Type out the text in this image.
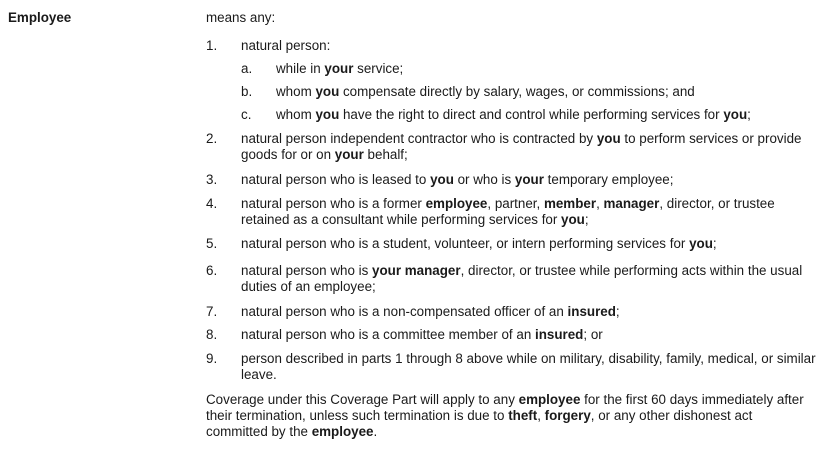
Employee	means any:
1. natural person:
a. while in your service;
b. whom you compensate directly by salary, wages, or commissions; and
c. whom you have the right to direct and control while performing services for you;
2. natural person independent contractor who is contracted by you to perform services or provide goods for or on your behalf;
3. natural person who is leased to you or who is your temporary employee;
4. natural person who is a former employee, partner, member, manager, director, or trustee retained as a consultant while performing services for you;
5. natural person who is a student, volunteer, or intern performing services for you;
6. natural person who is your manager, director, or trustee while performing acts within the usual duties of an employee;
7. natural person who is a non-compensated officer of an insured;
8. natural person who is a committee member of an insured; or
9. person described in parts 1 through 8 above while on military, disability, family, medical, or similar leave.
Coverage under this Coverage Part will apply to any employee for the first 60 days immediately after their termination, unless such termination is due to theft, forgery, or any other dishonest act committed by the employee.
